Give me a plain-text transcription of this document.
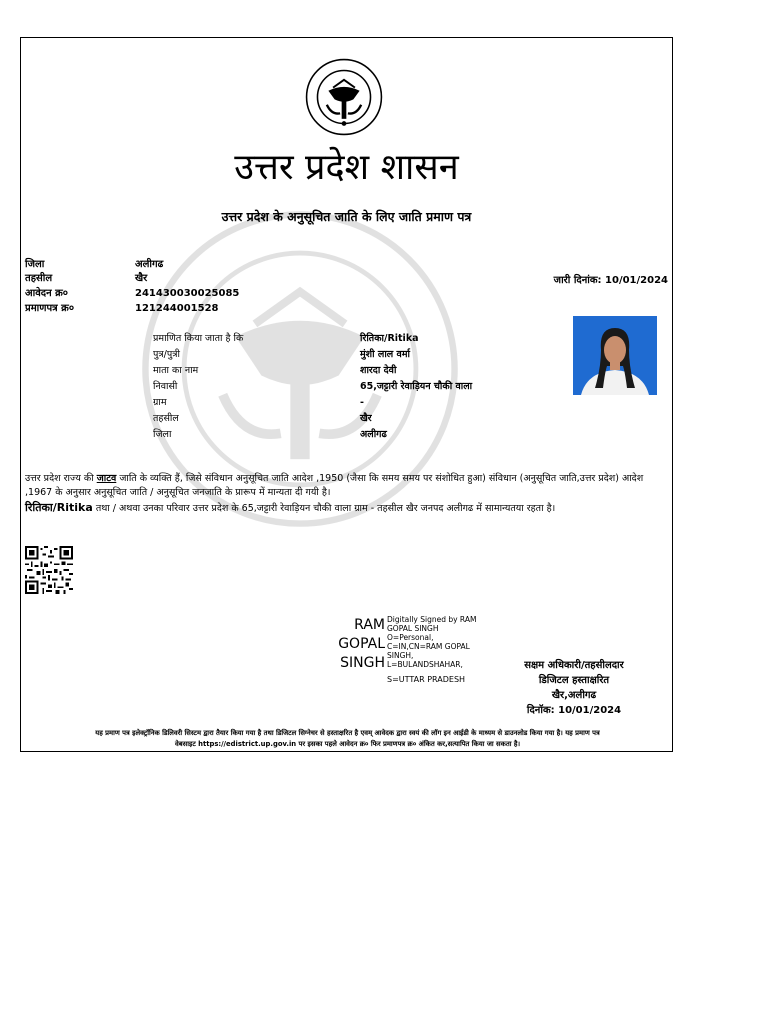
उत्तर प्रदेश शासन
उत्तर प्रदेश के अनुसूचित जाति के लिए जाति प्रमाण पत्र
जिला	अलीगढ
तहसील	खैर
आवेदन क्र०	241430030025085
प्रमाणपत्र क्र०	121244001528
जारी दिनांक: 10/01/2024
प्रमाणित किया जाता है कि	रितिका/Ritika
पुत्र/पुत्री	मुंशी लाल वर्मा
माता का नाम	शारदा देवी
निवासी	65,जट्टारी रेवाड़ियन चौकी वाला
ग्राम	-
तहसील	खैर
जिला	अलीगढ
उत्तर प्रदेश राज्य की जाटव जाति के व्यक्ति हैं, जिसे संविधान अनुसूचित जाति आदेश ,1950 (जैसा कि समय समय पर संशोधित हुआ) संविधान (अनुसूचित जाति,उत्तर प्रदेश) आदेश ,1967 के अनुसार अनुसूचित जाति / अनुसूचित जनजाति के प्रारूप में मान्यता दी गयी है।
रितिका/Ritika तथा / अथवा उनका परिवार उत्तर प्रदेश के 65,जट्टारी रेवाड़ियन चौकी वाला ग्राम - तहसील खैर जनपद अलीगढ में सामान्यतया रहता है।
RAM
GOPAL
SINGH
Digitally Signed by RAM
GOPAL SINGH
O=Personal,
C=IN,CN=RAM GOPAL
SINGH,
L=BULANDSHAHAR,
S=UTTAR PRADESH
सक्षम अधिकारी/तहसीलदार
डिजिटल हस्ताक्षरित
खैर,अलीगढ
दिनॉक: 10/01/2024
यह प्रमाण पत्र इलेक्ट्रॉनिक डिलिवरी सिस्टम द्वारा तैयार किया गया है तथा डिजिटल सिग्नेचर से हस्ताक्षरित है एवम् आवेदक द्वारा स्वयं की लॉग इन आईडी के माध्यम से डाउनलोड किया गया है। यह प्रमाण पत्र
वेबसाइट https://edistrict.up.gov.in पर इसका पहले आवेदन क्र० फिर प्रमाणपत्र क्र० अंकित कर,सत्यापित किया जा सकता है।
